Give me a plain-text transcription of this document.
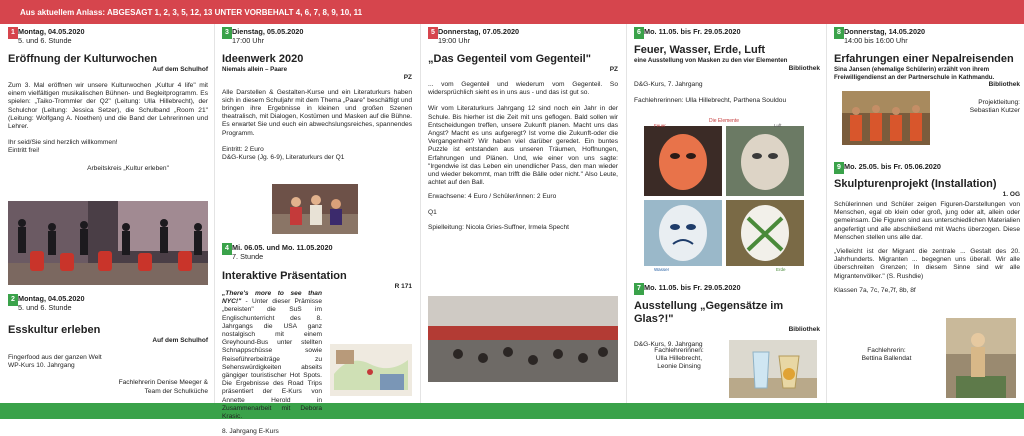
Aus aktuellem Anlass: ABGESAGT 1, 2, 3, 5, 12, 13 UNTER VORBEHALT 4, 6, 7, 8, 9, 10, 11
1 Montag, 04.05.2020
5. und 6. Stunde
Eröffnung der Kulturwochen
Auf dem Schulhof
Zum 3. Mal eröffnen wir unsere Kulturwochen „Kultur 4 life" mit einem vielfältigen musikalischen Bühnen- und Begleitprogramm. Es spielen: „Taiko-Trommler der Q2" (Leitung: Ulla Hillebrecht), der Schulchor (Leitung: Jessica Setzer), die Schulband „Room 21" (Leitung: Wolfgang A. Noethen) und die Band der Lehrerinnen und Lehrer.
Ihr seid/Sie sind herzlich willkommen!
Eintritt frei!
Arbeitskreis „Kultur erleben"
2 Montag, 04.05.2020
5. und 6. Stunde
Esskultur erleben
Auf dem Schulhof
Fingerfood aus der ganzen Welt
WP-Kurs 10. Jahrgang
Fachlehrerin Denise Meeger &
Team der Schulküche
3 Dienstag, 05.05.2020
17:00 Uhr
Ideenwerk 2020
Niemals allein – Paare
PZ
Alle Darstellen & Gestalten-Kurse und ein Literaturkurs haben sich in diesem Schuljahr mit dem Thema „Paare" beschäftigt und bringen ihre Ergebnisse in kleinen und großen Szenen theatralisch, mit Dialogen, Kostümen und Masken auf die Bühne. Es erwartet Sie und euch ein abwechslungsreiches, spannendes Programm.
Eintritt: 2 Euro
D&G-Kurse (Jg. 6-9), Literaturkurs der Q1
4 Mi. 06.05. und Mo. 11.05.2020
7. Stunde
Interaktive Präsentation
R 171
„There's more to see than NYC!" - Unter dieser Prämisse „bereisten" die SuS im Englischunterricht des 8. Jahrgangs die USA ganz nostalgisch mit einem Greyhound-Bus unter stellten Schnappschüsse sowie Reiseführerbeiträge zu Sehenswürdigkeiten abseits gängiger touristischer Hot Spots. Die Ergebnisse des Road Trips präsentiert der E-Kurs von Annette Herold in Zusammenarbeit mit Debora Krasic.
8. Jahrgang E-Kurs
5 Donnerstag, 07.05.2020
19:00 Uhr
„Das Gegenteil vom Gegenteil"
PZ
... vom Gegenteil und wiederum vom Gegenteil. So widersprüchlich sieht es in uns aus - und das ist gut so.
Wir vom Literaturkurs Jahrgang 12 sind noch ein Jahr in der Schule. Bis hierher ist die Zeit mit uns geflogen. Bald sollen wir Entscheidungen treffen, unsere Zukunft planen. Macht uns das Angst? Macht es uns aufgeregt? Ist vorne die Zukunft-oder die Vergangenheit? Wir haben viel darüber geredet. Ein buntes Puzzle ist entstanden aus unseren Träumen, Hoffnungen, Erfahrungen und Plänen. Und, wie einer von uns sagte: "Irgendwie ist das Leben ein unendlicher Pass, den man wieder und wieder bekommt, man trifft die Bälle oder nicht." Also Leute, achtet auf den Ball.
Erwachsene: 4 Euro / Schüler/innen: 2 Euro
Q1
Spielleitung: Nicola Gries-Suffner, Irmela Specht
6 Mo. 11.05. bis Fr. 29.05.2020
Feuer, Wasser, Erde, Luft
eine Ausstellung von Masken zu den vier Elementen
Bibliothek
D&G-Kurs, 7. Jahrgang
Fachlehrerinnen: Ulla Hillebrecht, Parthena Souldou
Die Elemente
Feuer	Luft
Wasser	Erde
7 Mo. 11.05. bis Fr. 29.05.2020
Ausstellung „Gegensätze im Glas?!"
Bibliothek
D&G-Kurs, 9. Jahrgang
Fachlehrerinnen:
Ulla Hillebrecht,
Leonie Dinsing
8 Donnerstag, 14.05.2020
14:00 bis 16:00 Uhr
Erfahrungen einer Nepalreisenden
Sina Jansen (ehemalige Schülerin) erzählt von ihrem Freiwilligendienst an der Partnerschule in Kathmandu.
Bibliothek
Projektleitung:
Sebastian Kutzer
9 Mo. 25.05. bis Fr. 05.06.2020
Skulpturenprojekt (Installation)
1. OG
Schülerinnen und Schüler zeigen Figuren-Darstellungen von Menschen, egal ob klein oder groß, jung oder alt, allein oder gemeinsam. Die Figuren sind aus unterschiedlichen Materialien angefertigt und alle abschließend mit Wachs überzogen. Diese Menschen stellen uns alle dar.
„Vielleicht ist der Migrant die zentrale ... Gestalt des 20. Jahrhunderts. Migranten ... begegnen uns überall. Wir alle überschreiten Grenzen; In diesem Sinne sind wir alle Migrantenvölker." (S. Rushdie)
Klassen 7a, 7c, 7e,7f, 8b, 8f
Fachlehrerin:
Bettina Ballendat
